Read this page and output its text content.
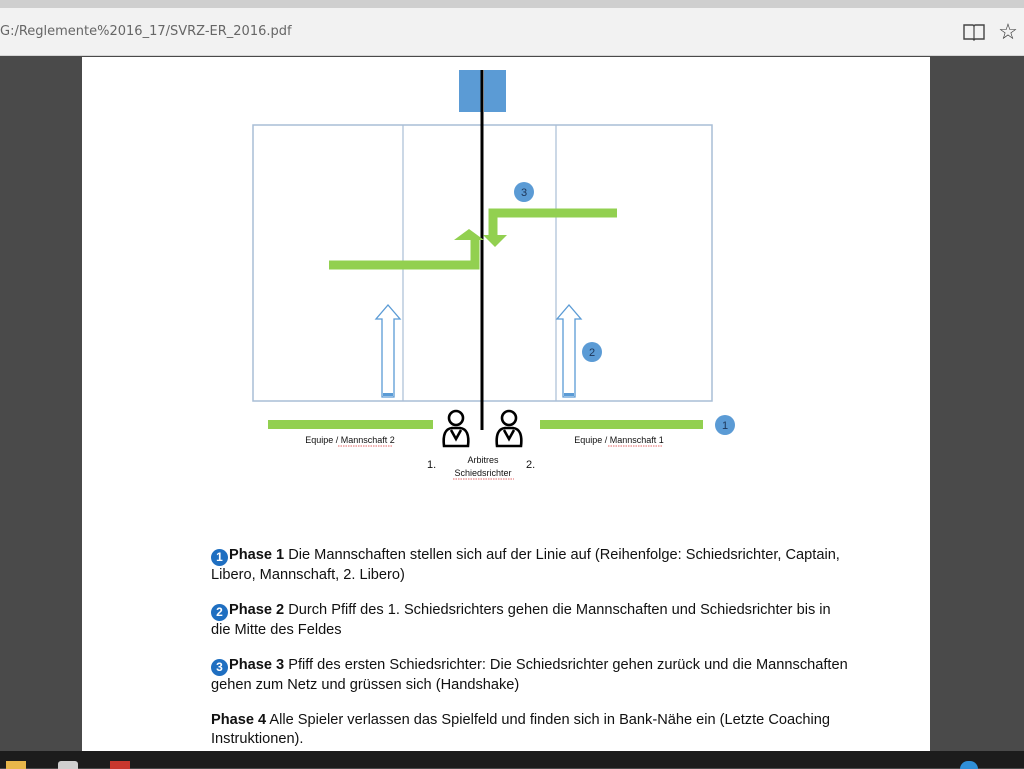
G:/Reglemente%2016_17/SVRZ-ER_2016.pdf	☆
3
2
1
Equipe / Mannschaft 2	Equipe / Mannschaft 1
Arbitres
Schiedsrichter
1.	2.

1 Phase 1 Die Mannschaften stellen sich auf der Linie auf (Reihenfolge: Schiedsrichter, Captain, Libero, Mannschaft, 2. Libero)

2 Phase 2 Durch Pfiff des 1. Schiedsrichters gehen die Mannschaften und Schiedsrichter bis in die Mitte des Feldes

3 Phase 3 Pfiff des ersten Schiedsrichter: Die Schiedsrichter gehen zurück und die Mannschaften gehen zum Netz und grüssen sich (Handshake)

Phase 4 Alle Spieler verlassen das Spielfeld und finden sich in Bank-Nähe ein (Letzte Coaching Instruktionen).
